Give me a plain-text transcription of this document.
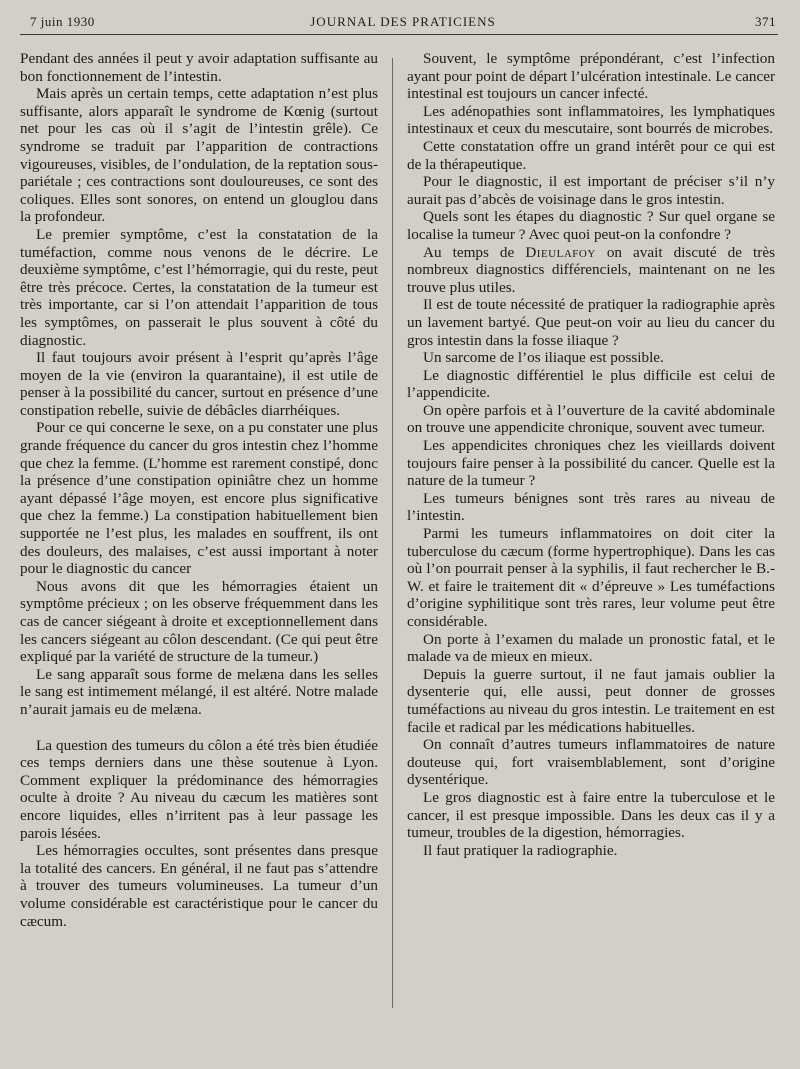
7 juin 1930	JOURNAL DES PRATICIENS	371

Pendant des années il peut y avoir adaptation suffisante au bon fonctionnement de l’intestin.

Mais après un certain temps, cette adaptation n’est plus suffisante, alors apparaît le syndrome de Kœnig (surtout net pour les cas où il s’agit de l’intestin grêle). Ce syndrome se traduit par l’apparition de contractions vigoureuses, visibles, de l’ondulation, de la reptation sous-pariétale ; ces contractions sont douloureuses, ce sont des coliques. Elles sont sonores, on entend un glouglou dans la profondeur.

Le premier symptôme, c’est la constatation de la tuméfaction, comme nous venons de le décrire. Le deuxième symptôme, c’est l’hémorragie, qui du reste, peut être très précoce. Certes, la constatation de la tumeur est très importante, car si l’on attendait l’apparition de tous les symptômes, on passerait le plus souvent à côté du diagnostic.

Il faut toujours avoir présent à l’esprit qu’après l’âge moyen de la vie (environ la quarantaine), il est utile de penser à la possibilité du cancer, surtout en présence d’une constipation rebelle, suivie de débâcles diarrhéiques.

Pour ce qui concerne le sexe, on a pu constater une plus grande fréquence du cancer du gros intestin chez l’homme que chez la femme. (L’homme est rarement constipé, donc la présence d’une constipation opiniâtre chez un homme ayant dépassé l’âge moyen, est encore plus significative que chez la femme.) La constipation habituellement bien supportée ne l’est plus, les malades en souffrent, ils ont des douleurs, des malaises, c’est aussi important à noter pour le diagnostic du cancer

Nous avons dit que les hémorragies étaient un symptôme précieux ; on les observe fréquemment dans les cas de cancer siégeant à droite et exceptionnellement dans les cancers siégeant au côlon descendant. (Ce qui peut être expliqué par la variété de structure de la tumeur.)

Le sang apparaît sous forme de melæna dans les selles le sang est intimement mélangé, il est altéré. Notre malade n’aurait jamais eu de melæna.

La question des tumeurs du côlon a été très bien étudiée ces temps derniers dans une thèse soutenue à Lyon. Comment expliquer la prédominance des hémorragies oculte à droite ? Au niveau du cæcum les matières sont encore liquides, elles n’irritent pas à leur passage les parois lésées.

Les hémorragies occultes, sont présentes dans presque la totalité des cancers. En général, il ne faut pas s’attendre à trouver des tumeurs volumineuses. La tumeur d’un volume considérable est caractéristique pour le cancer du cæcum.

Souvent, le symptôme prépondérant, c’est l’infection ayant pour point de départ l’ulcération intestinale. Le cancer intestinal est toujours un cancer infecté.

Les adénopathies sont inflammatoires, les lymphatiques intestinaux et ceux du mescutaire, sont bourrés de microbes.

Cette constatation offre un grand intérêt pour ce qui est de la thérapeutique.

Pour le diagnostic, il est important de préciser s’il n’y aurait pas d’abcès de voisinage dans le gros intestin.

Quels sont les étapes du diagnostic ? Sur quel organe se localise la tumeur ? Avec quoi peut-on la confondre ?

Au temps de Dieulafoy on avait discuté de très nombreux diagnostics différenciels, maintenant on ne les trouve plus utiles.

Il est de toute nécessité de pratiquer la radiographie après un lavement bartyé. Que peut-on voir au lieu du cancer du gros intestin dans la fosse iliaque ?

Un sarcome de l’os iliaque est possible.

Le diagnostic différentiel le plus difficile est celui de l’appendicite.

On opère parfois et à l’ouverture de la cavité abdominale on trouve une appendicite chronique, souvent avec tumeur.

Les appendicites chroniques chez les vieillards doivent toujours faire penser à la possibilité du cancer. Quelle est la nature de la tumeur ?

Les tumeurs bénignes sont très rares au niveau de l’intestin.

Parmi les tumeurs inflammatoires on doit citer la tuberculose du cæcum (forme hypertrophique). Dans les cas où l’on pourrait penser à la syphilis, il faut rechercher le B.-W. et faire le traitement dit « d’épreuve » Les tuméfactions d’origine syphilitique sont très rares, leur volume peut être considérable.

On porte à l’examen du malade un pronostic fatal, et le malade va de mieux en mieux.

Depuis la guerre surtout, il ne faut jamais oublier la dysenterie qui, elle aussi, peut donner de grosses tuméfactions au niveau du gros intestin. Le traitement en est facile et radical par les médications habituelles.

On connaît d’autres tumeurs inflammatoires de nature douteuse qui, fort vraisemblablement, sont d’origine dysentérique.

Le gros diagnostic est à faire entre la tuberculose et le cancer, il est presque impossible. Dans les deux cas il y a tumeur, troubles de la digestion, hémorragies.

Il faut pratiquer la radiographie.
